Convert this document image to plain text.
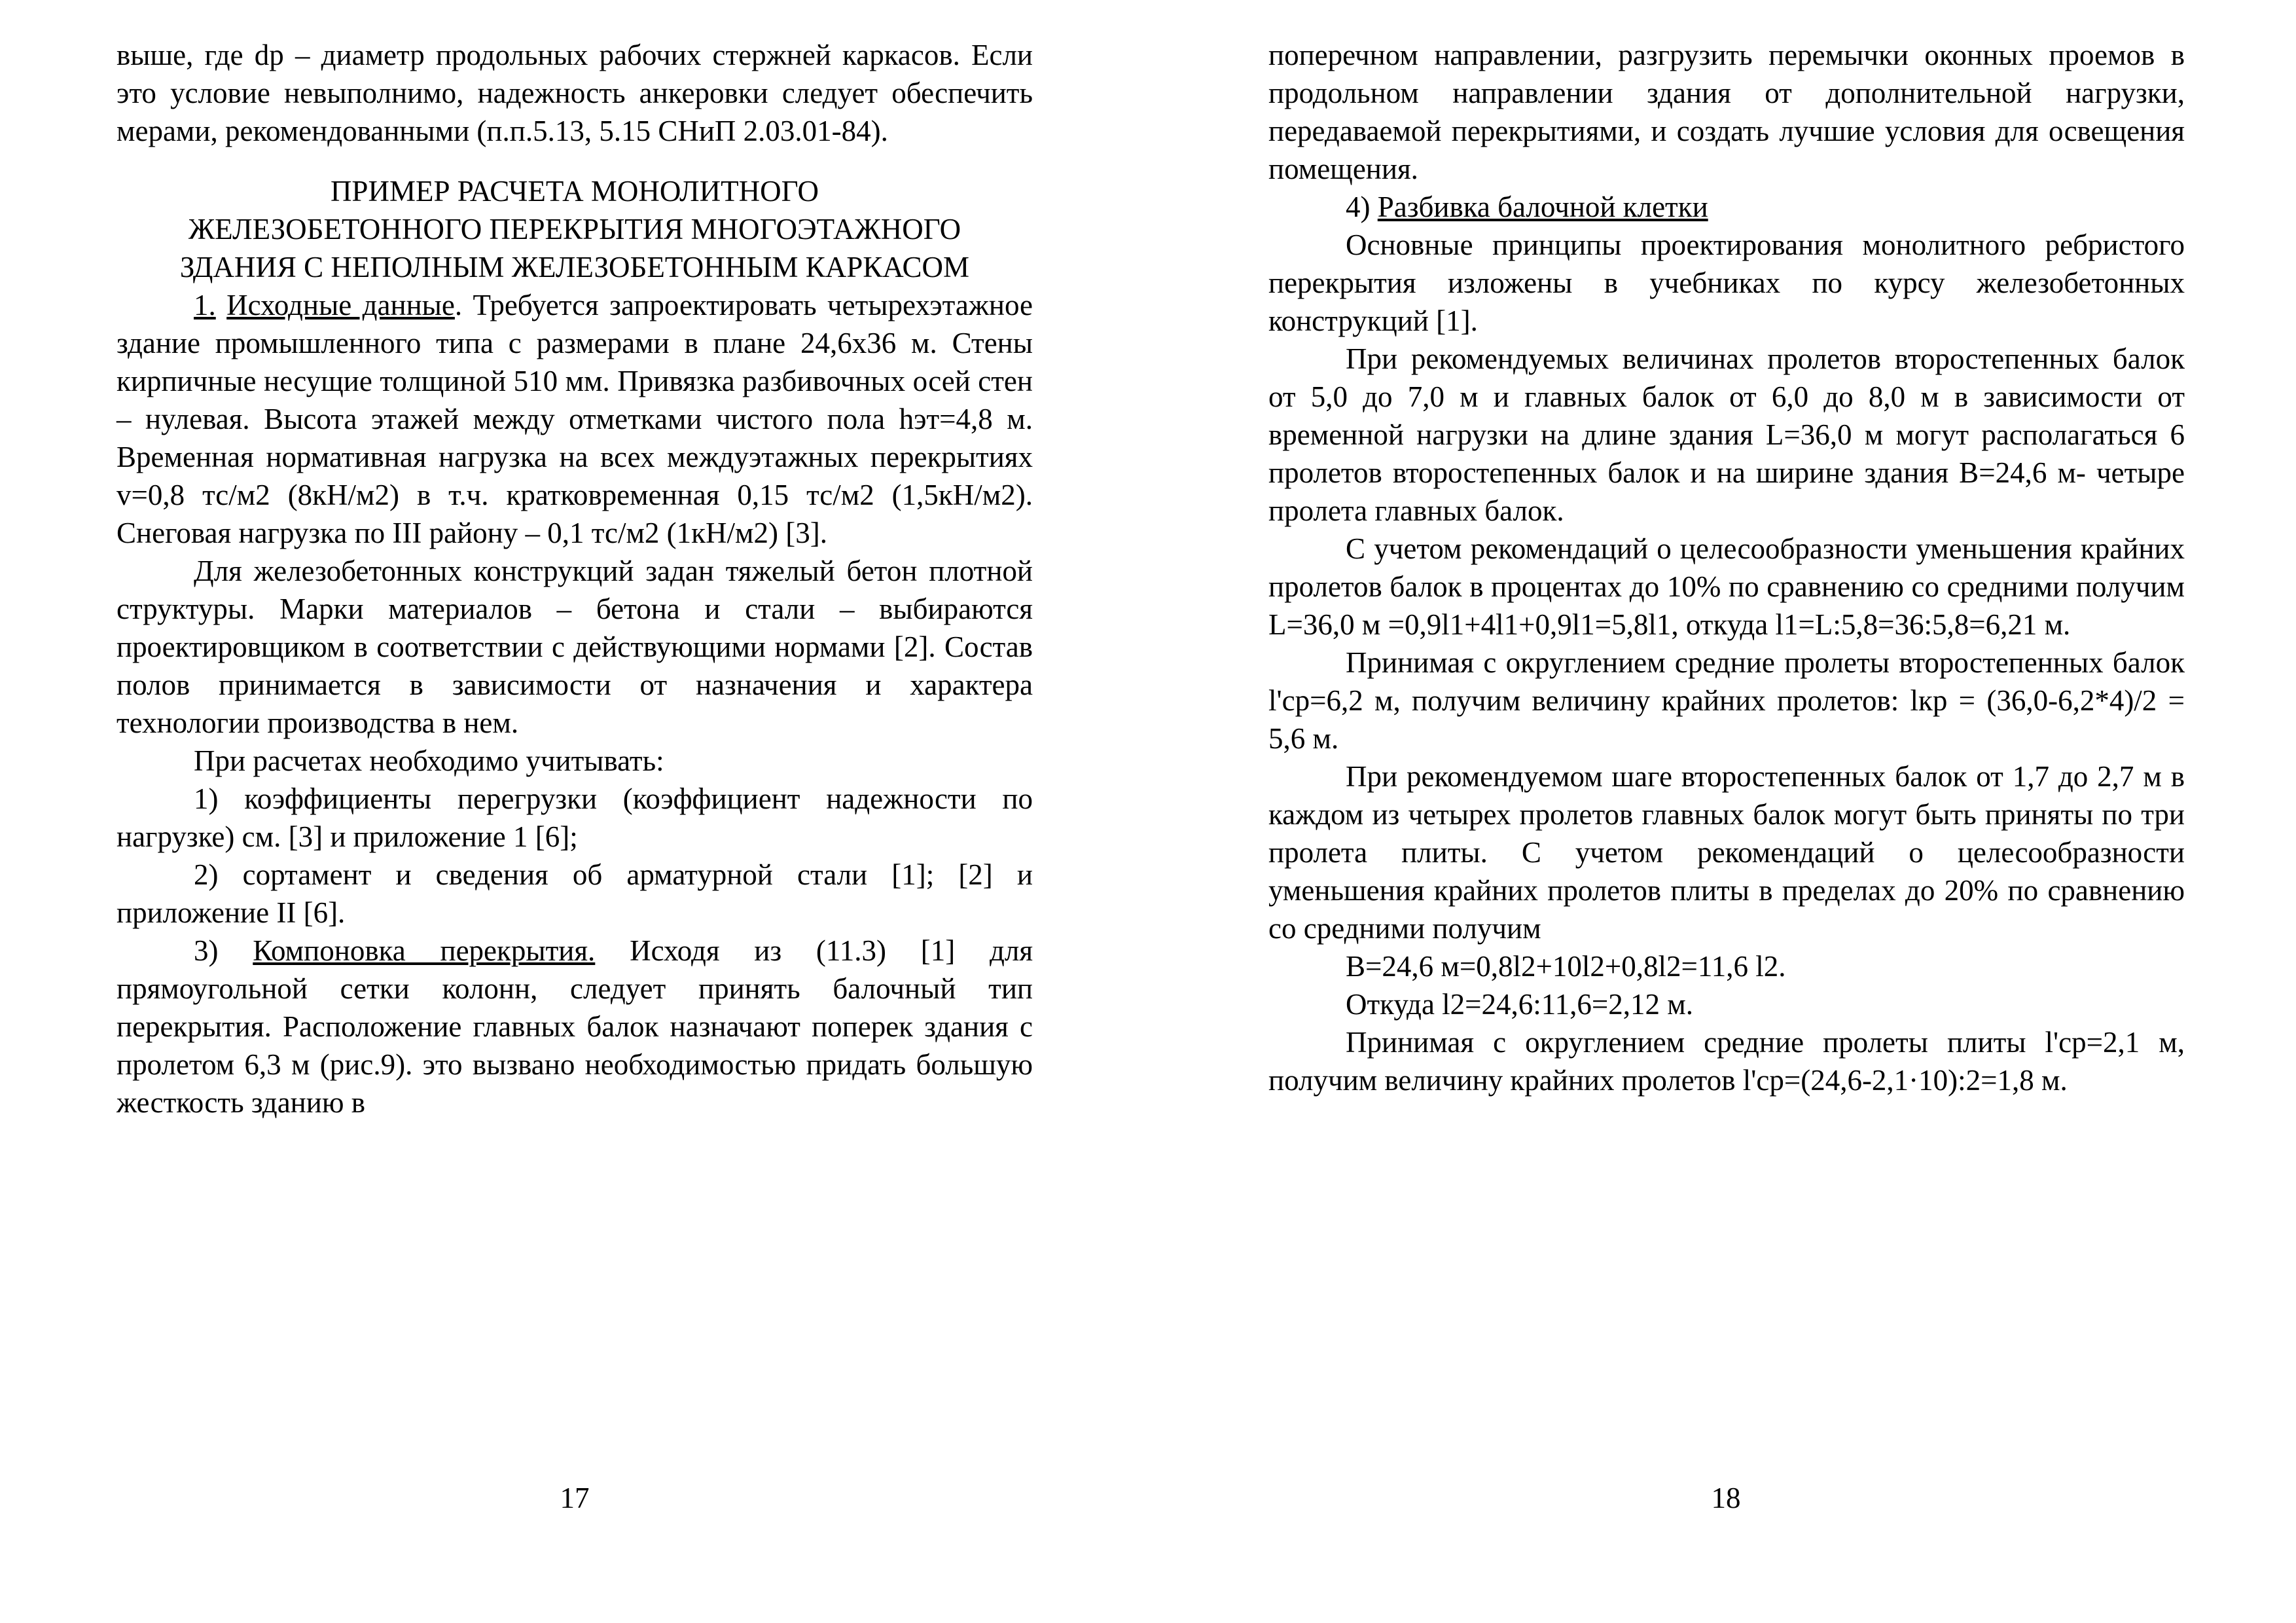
выше, где dр – диаметр продольных рабочих стержней каркасов. Если это условие невыполнимо, надежность анкеровки следует обеспечить мерами, рекомендованными (п.п.5.13, 5.15 СНиП 2.03.01-84).

ПРИМЕР РАСЧЕТА МОНОЛИТНОГО
ЖЕЛЕЗОБЕТОННОГО ПЕРЕКРЫТИЯ МНОГОЭТАЖНОГО
ЗДАНИЯ С НЕПОЛНЫМ ЖЕЛЕЗОБЕТОННЫМ КАРКАСОМ

1. Исходные данные. Требуется запроектировать четырехэтажное здание промышленного типа с размерами в плане 24,6х36 м. Стены кирпичные несущие толщиной 510 мм. Привязка разбивочных осей стен – нулевая. Высота этажей между отметками чистого пола hэт=4,8 м. Временная нормативная нагрузка на всех междуэтажных перекрытиях v=0,8 тс/м2 (8кН/м2) в т.ч. кратковременная 0,15 тс/м2 (1,5кН/м2). Снеговая нагрузка по III району – 0,1 тс/м2 (1кН/м2) [3].

Для железобетонных конструкций задан тяжелый бетон плотной структуры. Марки материалов – бетона и стали – выбираются проектировщиком в соответствии с действующими нормами [2]. Состав полов принимается в зависимости от назначения и характера технологии производства в нем.

При расчетах необходимо учитывать:

1) коэффициенты перегрузки (коэффициент надежности по нагрузке) см. [3] и приложение 1 [6];

2) сортамент и сведения об арматурной стали [1]; [2] и приложение II [6].

3) Компоновка перекрытия. Исходя из (11.3) [1] для прямоугольной сетки колонн, следует принять балочный тип перекрытия. Расположение главных балок назначают поперек здания с пролетом 6,3 м (рис.9). это вызвано необходимостью придать большую жесткость зданию в

17

поперечном направлении, разгрузить перемычки оконных проемов в продольном направлении здания от дополнительной нагрузки, передаваемой перекрытиями, и создать лучшие условия для освещения помещения.

4) Разбивка балочной клетки

Основные принципы проектирования монолитного ребристого перекрытия изложены в учебниках по курсу железобетонных конструкций [1].

При рекомендуемых величинах пролетов второстепенных балок от 5,0 до 7,0 м и главных балок от 6,0 до 8,0 м в зависимости от временной нагрузки на длине здания L=36,0 м могут располагаться 6 пролетов второстепенных балок и на ширине здания B=24,6 м- четыре пролета главных балок.

С учетом рекомендаций о целесообразности уменьшения крайних пролетов балок в процентах до 10% по сравнению со средними получим L=36,0 м =0,9l1+4l1+0,9l1=5,8l1, откуда l1=L:5,8=36:5,8=6,21 м.

Принимая с округлением средние пролеты второстепенных балок l'ср=6,2 м, получим величину крайних пролетов: lкр = (36,0-6,2*4)/2 = 5,6 м.

При рекомендуемом шаге второстепенных балок от 1,7 до 2,7 м в каждом из четырех пролетов главных балок могут быть приняты по три пролета плиты. С учетом рекомендаций о целесообразности уменьшения крайних пролетов плиты в пределах до 20% по сравнению со средними получим

B=24,6 м=0,8l2+10l2+0,8l2=11,6 l2.

Откуда l2=24,6:11,6=2,12 м.

Принимая с округлением средние пролеты плиты l'ср=2,1 м, получим величину крайних пролетов l'ср=(24,6-2,1·10):2=1,8 м.

18
